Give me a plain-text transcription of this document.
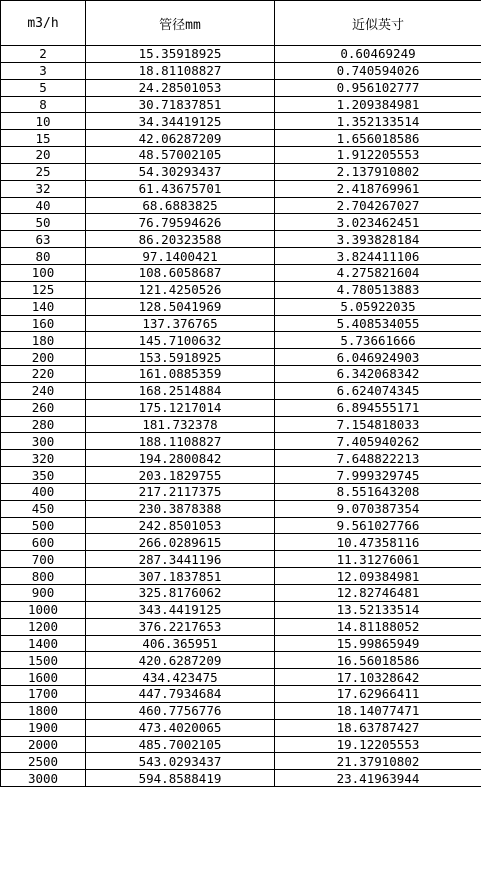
m3/h	管径mm	近似英寸
2	15.35918925	0.60469249
3	18.81108827	0.740594026
5	24.28501053	0.956102777
8	30.71837851	1.209384981
10	34.34419125	1.352133514
15	42.06287209	1.656018586
20	48.57002105	1.912205553
25	54.30293437	2.137910802
32	61.43675701	2.418769961
40	68.6883825	2.704267027
50	76.79594626	3.023462451
63	86.20323588	3.393828184
80	97.1400421	3.824411106
100	108.6058687	4.275821604
125	121.4250526	4.780513883
140	128.5041969	5.05922035
160	137.376765	5.408534055
180	145.7100632	5.73661666
200	153.5918925	6.046924903
220	161.0885359	6.342068342
240	168.2514884	6.624074345
260	175.1217014	6.894555171
280	181.732378	7.154818033
300	188.1108827	7.405940262
320	194.2800842	7.648822213
350	203.1829755	7.999329745
400	217.2117375	8.551643208
450	230.3878388	9.070387354
500	242.8501053	9.561027766
600	266.0289615	10.47358116
700	287.3441196	11.31276061
800	307.1837851	12.09384981
900	325.8176062	12.82746481
1000	343.4419125	13.52133514
1200	376.2217653	14.81188052
1400	406.365951	15.99865949
1500	420.6287209	16.56018586
1600	434.423475	17.10328642
1700	447.7934684	17.62966411
1800	460.7756776	18.14077471
1900	473.4020065	18.63787427
2000	485.7002105	19.12205553
2500	543.0293437	21.37910802
3000	594.8588419	23.41963944
